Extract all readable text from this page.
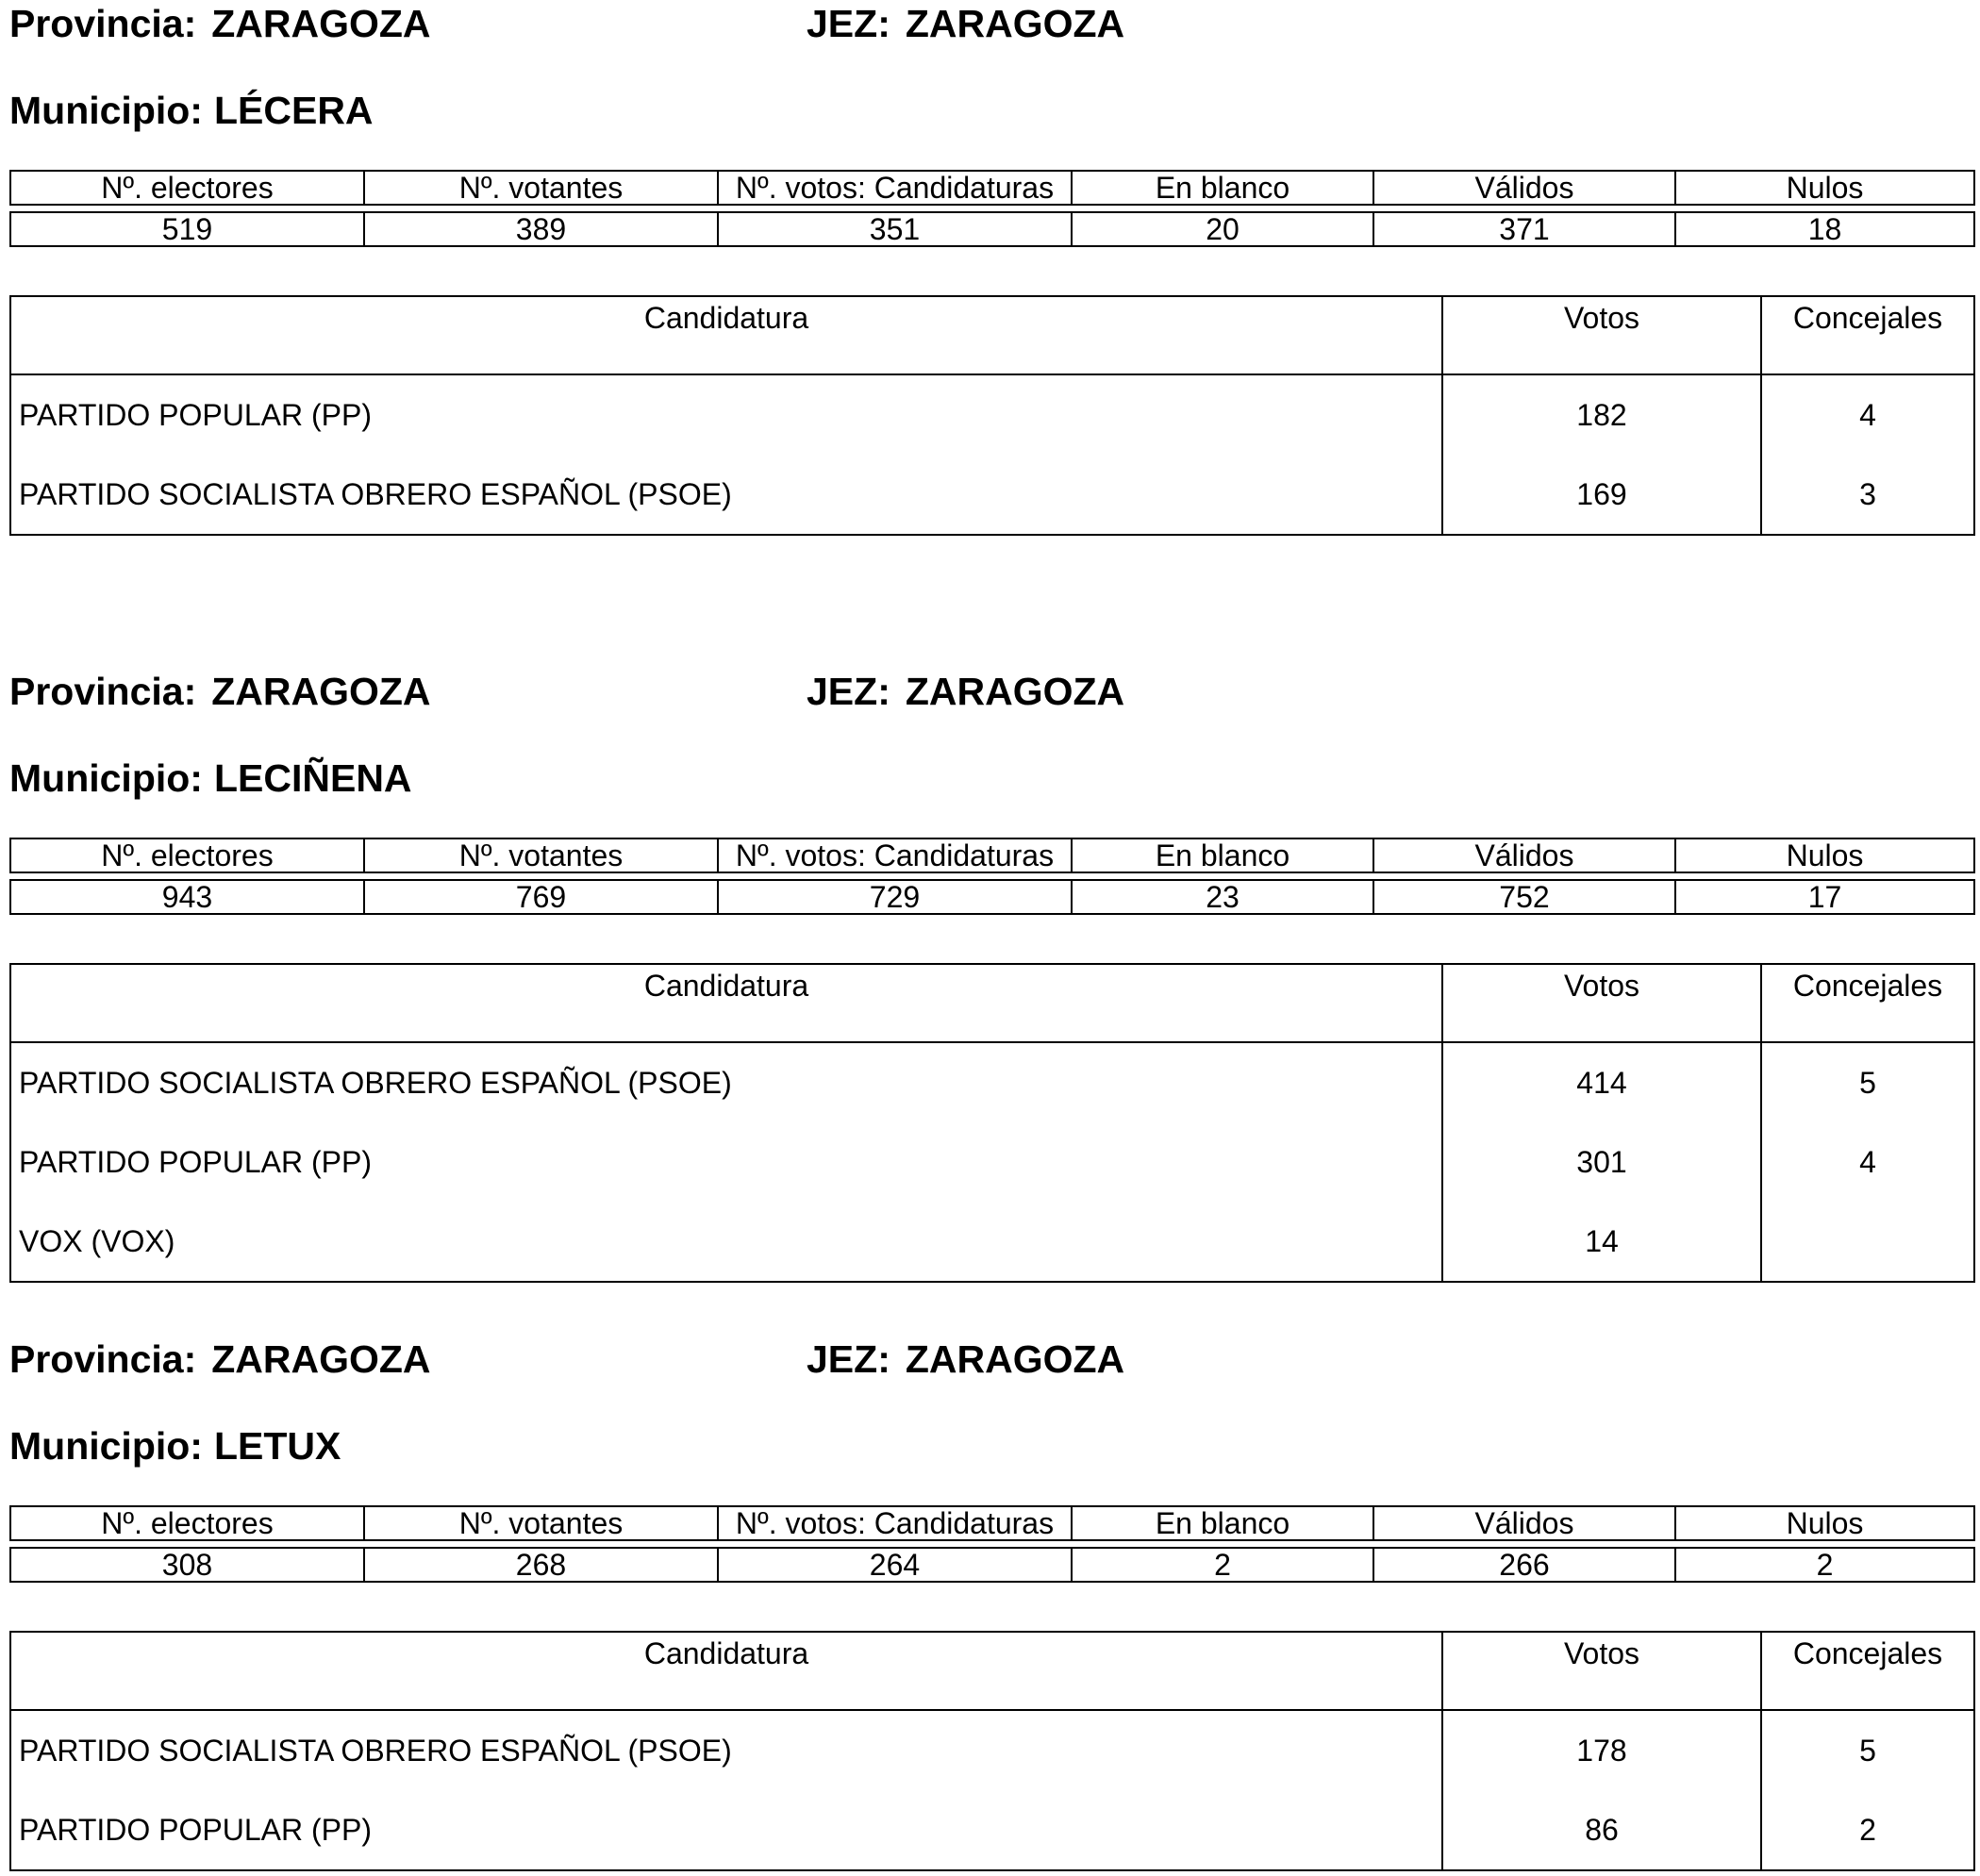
Provincia: ZARAGOZA	JEZ: ZARAGOZA
Municipio: LÉCERA
Nº. electores	Nº. votantes	Nº. votos: Candidaturas	En blanco	Válidos	Nulos

519	389	351	20	371	18
Candidatura	Votos	Concejales
PARTIDO POPULAR (PP)	182	4
PARTIDO SOCIALISTA OBRERO ESPAÑOL (PSOE)	169	3
Provincia: ZARAGOZA	JEZ: ZARAGOZA
Municipio: LECIÑENA
Nº. electores	Nº. votantes	Nº. votos: Candidaturas	En blanco	Válidos	Nulos

943	769	729	23	752	17
Candidatura	Votos	Concejales
PARTIDO SOCIALISTA OBRERO ESPAÑOL (PSOE)	414	5
PARTIDO POPULAR (PP)	301	4
VOX (VOX)	14	
Provincia: ZARAGOZA	JEZ: ZARAGOZA
Municipio: LETUX
Nº. electores	Nº. votantes	Nº. votos: Candidaturas	En blanco	Válidos	Nulos

308	268	264	2	266	2
Candidatura	Votos	Concejales
PARTIDO SOCIALISTA OBRERO ESPAÑOL (PSOE)	178	5
PARTIDO POPULAR (PP)	86	2
